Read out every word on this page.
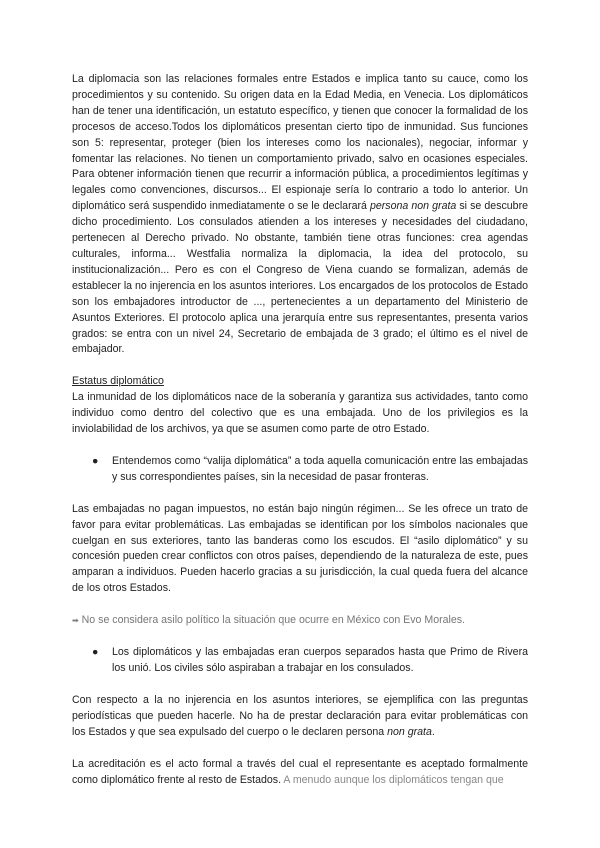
La diplomacia son las relaciones formales entre Estados e implica tanto su cauce, como los procedimientos y su contenido. Su origen data en la Edad Media, en Venecia. Los diplomáticos han de tener una identificación, un estatuto específico, y tienen que conocer la formalidad de los procesos de acceso.Todos los diplomáticos presentan cierto tipo de inmunidad. Sus funciones son 5: representar, proteger (bien los intereses como los nacionales), negociar, informar y fomentar las relaciones. No tienen un comportamiento privado, salvo en ocasiones especiales. Para obtener información tienen que recurrir a información pública, a procedimientos legítimas y legales como convenciones, discursos... El espionaje sería lo contrario a todo lo anterior. Un diplomático será suspendido inmediatamente o se le declarará persona non grata si se descubre dicho procedimiento. Los consulados atienden a los intereses y necesidades del ciudadano, pertenecen al Derecho privado. No obstante, también tiene otras funciones: crea agendas culturales, informa... Westfalia normaliza la diplomacia, la idea del protocolo, su institucionalización... Pero es con el Congreso de Viena cuando se formalizan, además de establecer la no injerencia en los asuntos interiores. Los encargados de los protocolos de Estado son los embajadores introductor de ..., pertenecientes a un departamento del Ministerio de Asuntos Exteriores. El protocolo aplica una jerarquía entre sus representantes, presenta varios grados: se entra con un nivel 24, Secretario de embajada de 3 grado; el último es el nivel de embajador.

Estatus diplomático

La inmunidad de los diplomáticos nace de la soberanía y garantiza sus actividades, tanto como individuo como dentro del colectivo que es una embajada. Uno de los privilegios es la inviolabilidad de los archivos, ya que se asumen como parte de otro Estado.

● Entendemos como “valija diplomática” a toda aquella comunicación entre las embajadas y sus correspondientes países, sin la necesidad de pasar fronteras.

Las embajadas no pagan impuestos, no están bajo ningún régimen... Se les ofrece un trato de favor para evitar problemáticas. Las embajadas se identifican por los símbolos nacionales que cuelgan en sus exteriores, tanto las banderas como los escudos. El “asilo diplomático” y su concesión pueden crear conflictos con otros países, dependiendo de la naturaleza de este, pues amparan a individuos. Pueden hacerlo gracias a su jurisdicción, la cual queda fuera del alcance de los otros Estados.

➡ No se considera asilo político la situación que ocurre en México con Evo Morales.

● Los diplomáticos y las embajadas eran cuerpos separados hasta que Primo de Rivera los unió. Los civiles sólo aspiraban a trabajar en los consulados.

Con respecto a la no injerencia en los asuntos interiores, se ejemplifica con las preguntas periodísticas que pueden hacerle. No ha de prestar declaración para evitar problemáticas con los Estados y que sea expulsado del cuerpo o le declaren persona non grata.

La acreditación es el acto formal a través del cual el representante es aceptado formalmente como diplomático frente al resto de Estados. A menudo aunque los diplomáticos tengan que
